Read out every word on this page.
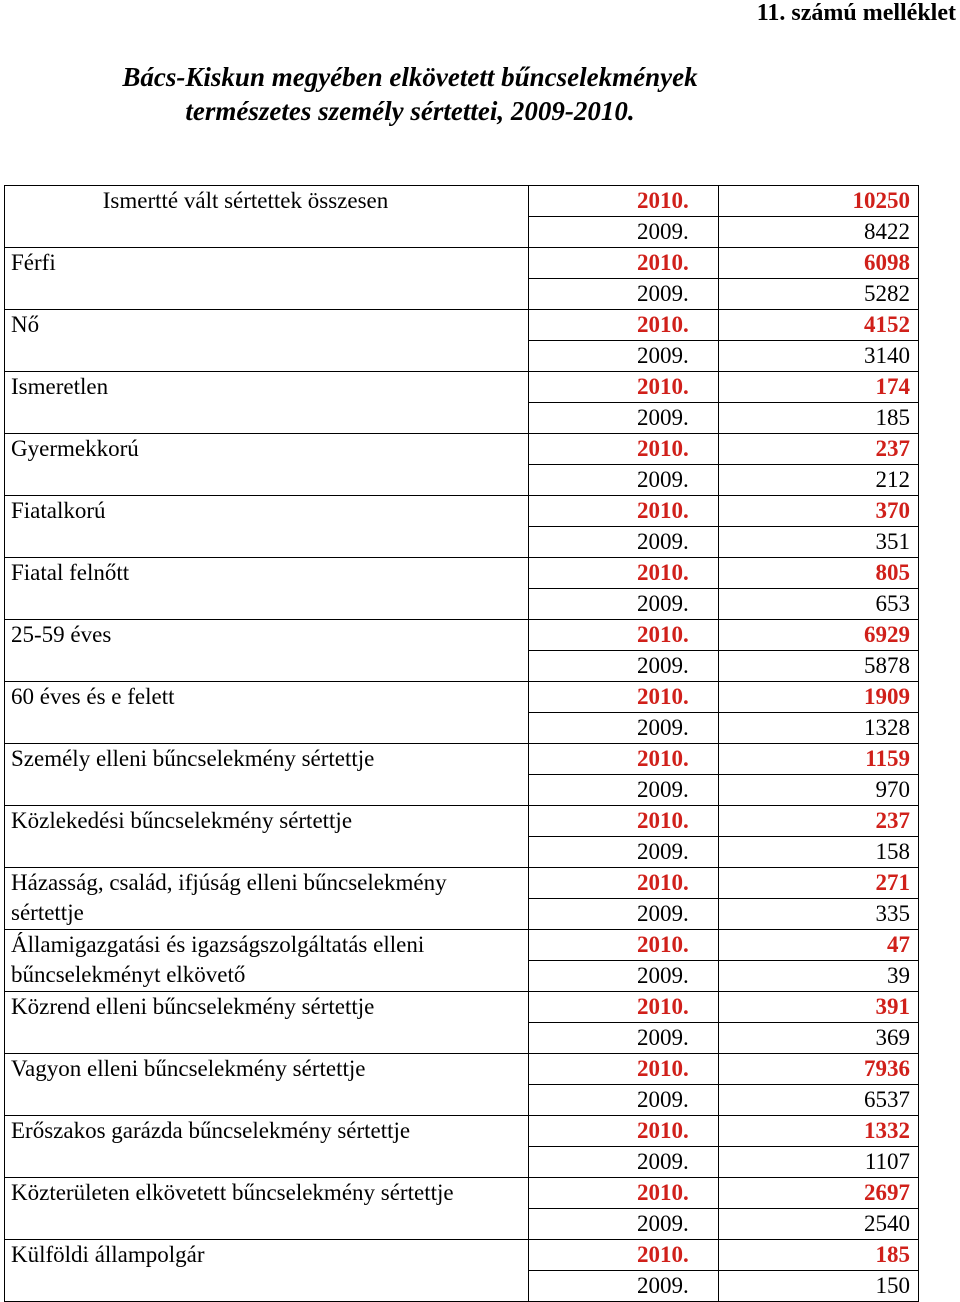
11. számú melléklet
Bács-Kiskun megyében elkövetett bűncselekmények
természetes személy sértettei, 2009-2010.
Ismertté vált sértettek összesen	2010.	10250
	2009.	8422
Férfi	2010.	6098
	2009.	5282
Nő	2010.	4152
	2009.	3140
Ismeretlen	2010.	174
	2009.	185
Gyermekkorú	2010.	237
	2009.	212
Fiatalkorú	2010.	370
	2009.	351
Fiatal felnőtt	2010.	805
	2009.	653
25-59 éves	2010.	6929
	2009.	5878
60 éves és e felett	2010.	1909
	2009.	1328
Személy elleni bűncselekmény sértettje	2010.	1159
	2009.	970
Közlekedési bűncselekmény sértettje	2010.	237
	2009.	158
Házasság, család, ifjúság elleni bűncselekmény sértettje	2010.	271
	2009.	335
Államigazgatási és igazságszolgáltatás elleni bűncselekményt elkövető	2010.	47
	2009.	39
Közrend elleni bűncselekmény sértettje	2010.	391
	2009.	369
Vagyon elleni bűncselekmény sértettje	2010.	7936
	2009.	6537
Erőszakos garázda bűncselekmény sértettje	2010.	1332
	2009.	1107
Közterületen elkövetett bűncselekmény sértettje	2010.	2697
	2009.	2540
Külföldi állampolgár	2010.	185
	2009.	150
